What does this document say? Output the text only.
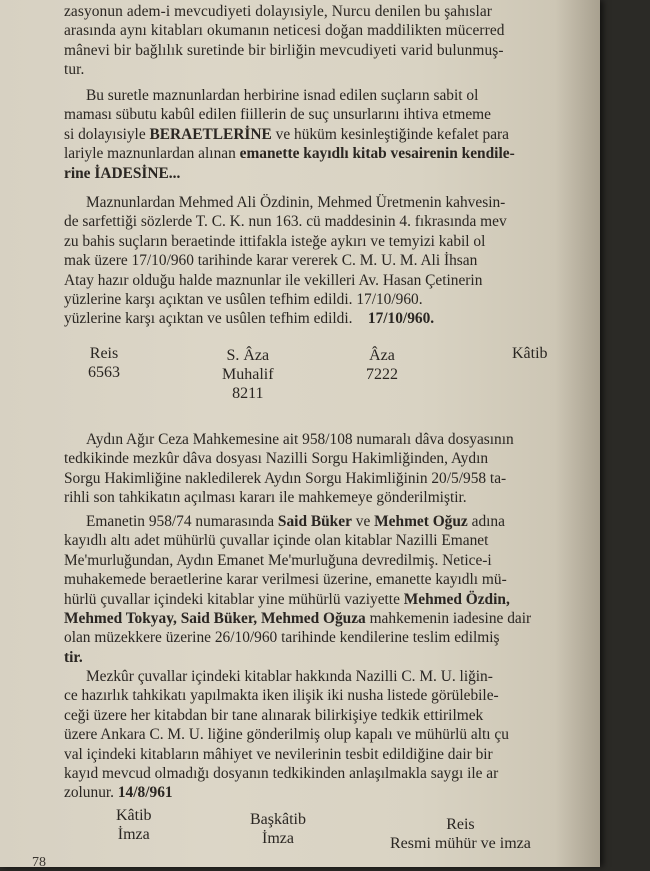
zasyonun adem-i mevcudiyeti dolayısiyle, Nurcu denilen bu şahıslar
arasında aynı kitabları okumanın neticesi doğan maddilikten mücerred
mânevi bir bağlılık suretinde bir birliğin mevcudiyeti varid bulunmuş-
tur.
Bu suretle maznunlardan herbirine isnad edilen suçların sabit ol
maması sübutu kabûl edilen fiillerin de suç unsurlarını ihtiva etmeme
si dolayısiyle BERAETLERİNE ve hüküm kesinleştiğinde kefalet para
lariyle maznunlardan alınan emanette kayıdlı kitab vesairenin kendile-
rine İADESİNE...
Maznunlardan Mehmed Ali Özdinin, Mehmed Üretmenin kahvesin-
de sarfettiği sözlerde T. C. K. nun 163. cü maddesinin 4. fıkrasında mev
zu bahis suçların beraetinde ittifakla isteğe aykırı ve temyizi kabil ol
mak üzere 17/10/960 tarihinde karar vererek C. M. U. M. Ali İhsan
Atay hazır olduğu halde maznunlar ile vekilleri Av. Hasan Çetinerin
yüzlerine karşı açıktan ve usûlen tefhim edildi. 17/10/960.
yüzlerine karşı açıktan ve usûlen tefhim edildi. 17/10/960.
Reis
6563
S. Âza
Muhalif
8211
Âza
7222
Kâtib
Aydın Ağır Ceza Mahkemesine ait 958/108 numaralı dâva dosyasının
tedkikinde mezkûr dâva dosyası Nazilli Sorgu Hakimliğinden, Aydın
Sorgu Hakimliğine nakledilerek Aydın Sorgu Hakimliğinin 20/5/958 ta-
rihli son tahkikatın açılması kararı ile mahkemeye gönderilmiştir.
Emanetin 958/74 numarasında Said Büker ve Mehmet Oğuz adına
kayıdlı altı adet mühürlü çuvallar içinde olan kitablar Nazilli Emanet
Me'murluğundan, Aydın Emanet Me'murluğuna devredilmiş. Netice-i
muhakemede beraetlerine karar verilmesi üzerine, emanette kayıdlı mü-
hürlü çuvallar içindeki kitablar yine mühürlü vaziyette Mehmed Özdin,
Mehmed Tokyay, Said Büker, Mehmed Oğuza mahkemenin iadesine dair
olan müzekkere üzerine 26/10/960 tarihinde kendilerine teslim edilmiş
tir.
Mezkûr çuvallar içindeki kitablar hakkında Nazilli C. M. U. liğin-
ce hazırlık tahkikatı yapılmakta iken ilişik iki nusha listede görülebile-
ceği üzere her kitabdan bir tane alınarak bilirkişiye tedkik ettirilmek
üzere Ankara C. M. U. liğine gönderilmiş olup kapalı ve mühürlü altı çu
val içindeki kitabların mâhiyet ve nevilerinin tesbit edildiğine dair bir
kayıd mevcud olmadığı dosyanın tedkikinden anlaşılmakla saygı ile ar
zolunur. 14/8/961
Kâtib
İmza
Başkâtib
İmza
Reis
Resmi mühür ve imza
78
